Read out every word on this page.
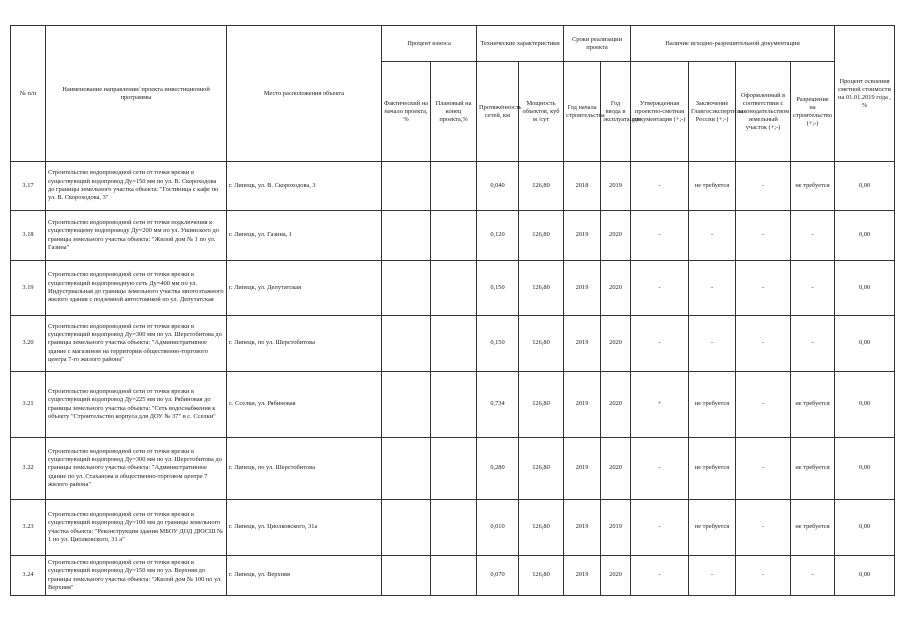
№ п/п	Наименование направления/ проекта инвестиционной программы	Место расположения объекта	Процент износа		Технические характеристики		Сроки реализации проекта		Наличие исходно-разрешительной документации				Процент освоения сметной стоимости на 01.01.2019 года , %
			Фактический на начало проекта, %	Плановый на конец проекта,%	Протяжённость сетей, км	Мощность объектов, куб м /сут	Год начала строительства	Год ввода в эксплуатацию	Утвержденная проектно-сметная документация (+;-)	Заключение Главгосэкспертизы России (+;-)	Оформленный в соответствии с законодательством земельный участок (+;-)	Разрешение на строительство (+;-)	
3.17	Строительство водопроводной сети от точки врезки в существующий водопровод Ду=150 мм по ул. В. Скороходова до границы земельного участка объекта: "Гостиница с кафе по ул. В. Скороходова, 3"	г. Липецк, ул. В. Скороходова, 3			0,040	126,80	2018	2019	-	не требуется	-	не требуется	0,00
3.18	Строительство водопроводной сети от точки подключения к существующему водопроводу Ду=200 мм по ул. Ушинского до границы земельного участка объекта: "Жилой дом № 1 по ул. Газина"	г. Липецк, ул. Газина, 1			0,120	126,80	2019	2020	-	-	-	-	0,00
3.19	Строительство водопроводной сети от точки врезки в существующий водопроводную сеть Ду=400 мм по ул. Индустриальная до границы земельного участка многоэтажного жилого здания с подземной автостоянкой по ул. Депутатская	г. Липецк, ул. Депутатская			0,150	126,80	2019	2020	-	-	-	-	0,00
3.20	Строительство водопроводной сети от точки врезки в существующий водопровод Ду=300 мм по ул. Шерстобитова до границы земельного участка объекта: "Административное здание с магазином на территории общественно-торгового центра 7-го жилого района"	г. Липецк, по ул. Шерстобитова			0,150	126,80	2019	2020	-	-	-	-	0,00
3.21	Строительство водопроводной сети от точки врезки в существующий водопровод Ду=225 мм по ул. Рябиновая до границы земельного участка объекта: "Сеть водоснабжения к объекту "Строительство корпуса для ДОУ № 37" в с. Сселки"	с. Сселки, ул. Рябиновая			0,734	126,80	2019	2020	+	не требуется	-	не требуется	0,00
3.22	Строительство водопроводной сети от точки врезки в существующий водопровод Ду=300 мм по ул. Шерстобитова до границы земельного участка объекта: "Административное здание по ул. Стаханова в общественно-торговом центре 7 жилого района"	г. Липецк, по ул. Шерстобитова			0,280	126,80	2019	2020	-	не требуется	-	не требуется	0,00
3.23	Строительство водопроводной сети от точки врезки в существующий водопровод Ду=100 мм до границы земельного участка объекта: "Реконструкция здания МБОУ ДОД ДЮСШ № 1 по ул. Циолковского, 31 а"	г. Липецк, ул. Циолковского, 31а			0,010	126,80	2019	2019	-	не требуется	-	не требуется	0,00
3.24	Строительство водопроводной сети от точки врезки в существующий водопровод Ду=150 мм по ул. Верхняя до границы земельного участка объекта: "Жилой дом № 100 по ул. Верхняя"	г. Липецк, ул. Верхняя			0,070	126,80	2019	2020	-	-	-	-	0,00
